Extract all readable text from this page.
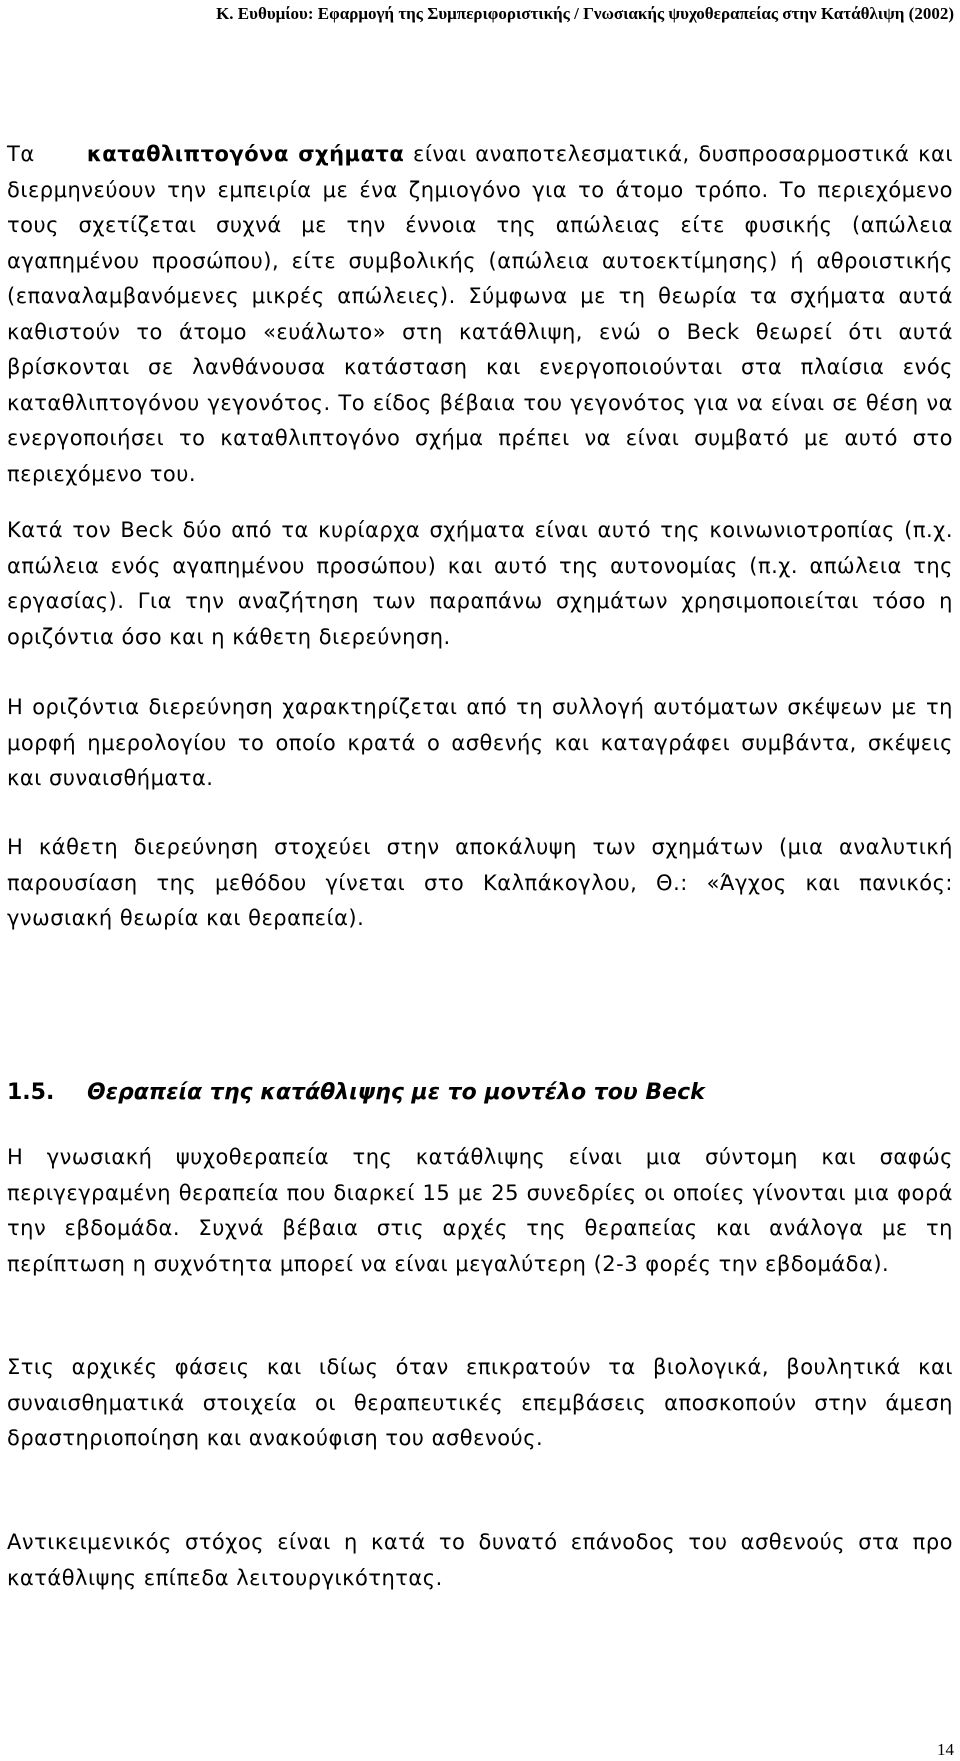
Κ. Ευθυμίου: Εφαρμογή της Συμπεριφοριστικής / Γνωσιακής ψυχοθεραπείας στην Κατάθλιψη (2002)

Τα καταθλιπτογόνα σχήματα είναι αναποτελεσματικά, δυσπροσαρμοστικά και διερμηνεύουν την εμπειρία με ένα ζημιογόνο για το άτομο τρόπο. Το περιεχόμενο τους σχετίζεται συχνά με την έννοια της απώλειας είτε φυσικής (απώλεια αγαπημένου προσώπου), είτε συμβολικής (απώλεια αυτοεκτίμησης) ή αθροιστικής (επαναλαμβανόμενες μικρές απώλειες). Σύμφωνα με τη θεωρία τα σχήματα αυτά καθιστούν το άτομο «ευάλωτο» στη κατάθλιψη, ενώ ο Beck θεωρεί ότι αυτά βρίσκονται σε λανθάνουσα κατάσταση και ενεργοποιούνται στα πλαίσια ενός καταθλιπτογόνου γεγονότος. Το είδος βέβαια του γεγονότος για να είναι σε θέση να ενεργοποιήσει το καταθλιπτογόνο σχήμα πρέπει να είναι συμβατό με αυτό στο περιεχόμενο του.

Κατά τον Beck δύο από τα κυρίαρχα σχήματα είναι αυτό της κοινωνιοτροπίας (π.χ. απώλεια ενός αγαπημένου προσώπου) και αυτό της αυτονομίας (π.χ. απώλεια της εργασίας). Για την αναζήτηση των παραπάνω σχημάτων χρησιμοποιείται τόσο η οριζόντια όσο και η κάθετη διερεύνηση.

Η οριζόντια διερεύνηση χαρακτηρίζεται από τη συλλογή αυτόματων σκέψεων με τη μορφή ημερολογίου το οποίο κρατά ο ασθενής και καταγράφει συμβάντα, σκέψεις και συναισθήματα.

Η κάθετη διερεύνηση στοχεύει στην αποκάλυψη των σχημάτων (μια αναλυτική παρουσίαση της μεθόδου γίνεται στο Καλπάκογλου, Θ.: «Άγχος και πανικός: γνωσιακή θεωρία και θεραπεία).

1.5. Θεραπεία της κατάθλιψης με το μοντέλο του Beck

Η γνωσιακή ψυχοθεραπεία της κατάθλιψης είναι μια σύντομη και σαφώς περιγεγραμένη θεραπεία που διαρκεί 15 με 25 συνεδρίες οι οποίες γίνονται μια φορά την εβδομάδα. Συχνά βέβαια στις αρχές της θεραπείας και ανάλογα με τη περίπτωση η συχνότητα μπορεί να είναι μεγαλύτερη (2-3 φορές την εβδομάδα).

Στις αρχικές φάσεις και ιδίως όταν επικρατούν τα βιολογικά, βουλητικά και συναισθηματικά στοιχεία οι θεραπευτικές επεμβάσεις αποσκοπούν στην άμεση δραστηριοποίηση και ανακούφιση του ασθενούς.

Αντικειμενικός στόχος είναι η κατά το δυνατό επάνοδος του ασθενούς στα προ κατάθλιψης επίπεδα λειτουργικότητας.

14
